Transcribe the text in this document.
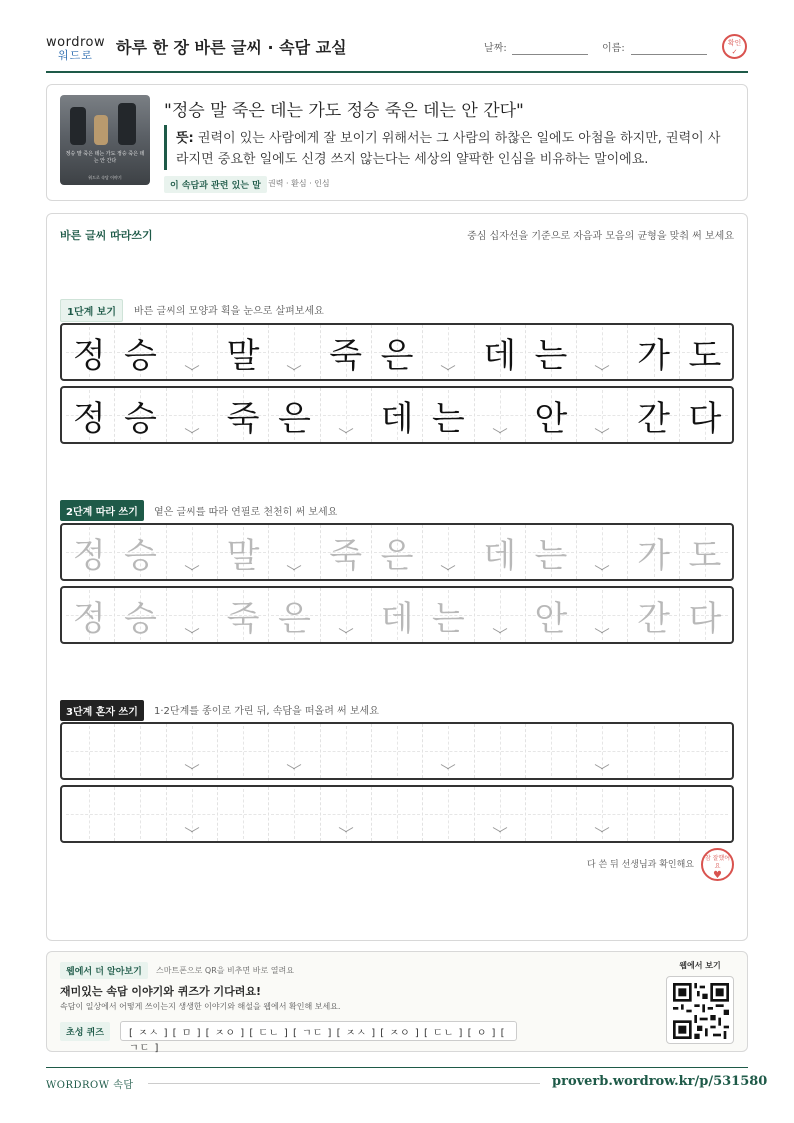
wordrow
워드로 하루 한 장 바른 글씨 · 속담 교실	날짜:	이름:	확인
✓
정승 말 죽은 데는 가도 정승 죽은 데는 안 간다
워드로 속담 이야기
"정승 말 죽은 데는 가도 정승 죽은 데는 안 간다"
뜻: 권력이 있는 사람에게 잘 보이기 위해서는 그 사람의 하찮은 일에도 아첨을 하지만, 권력이 사라지면 중요한 일에도 신경 쓰지 않는다는 세상의 얄팍한 인심을 비유하는 말이에요.
이 속담과 관련 있는 말 권력 · 환심 · 인심
바른 글씨 따라쓰기	중심 십자선을 기준으로 자음과 모음의 균형을 맞춰 써 보세요
1단계 보기	바른 글씨의 모양과 획을 눈으로 살펴보세요
정 승 말 죽 은 데 는 가 도
정 승 죽 은 데 는 안 간 다
2단계 따라 쓰기	옅은 글씨를 따라 연필로 천천히 써 보세요
정 승 말 죽 은 데 는 가 도
정 승 죽 은 데 는 안 간 다
3단계 혼자 쓰기	1·2단계를 종이로 가린 뒤, 속담을 떠올려 써 보세요
다 쓴 뒤 선생님과 확인해요
참 잘했어요
♥
웹에서 더 알아보기	스마트폰으로 QR을 비추면 바로 열려요
재미있는 속담 이야기와 퀴즈가 기다려요!
속담이 일상에서 어떻게 쓰이는지 생생한 이야기와 해설을 웹에서 확인해 보세요.
초성 퀴즈	[ ㅈㅅ ] [ ㅁ ] [ ㅈㅇ ] [ ㄷㄴ ] [ ㄱㄷ ] [ ㅈㅅ ] [ ㅈㅇ ] [ ㄷㄴ ] [ ㅇ ] [ ㄱㄷ ]
웹에서 보기
WORDROW 속담	proverb.wordrow.kr/p/531580
